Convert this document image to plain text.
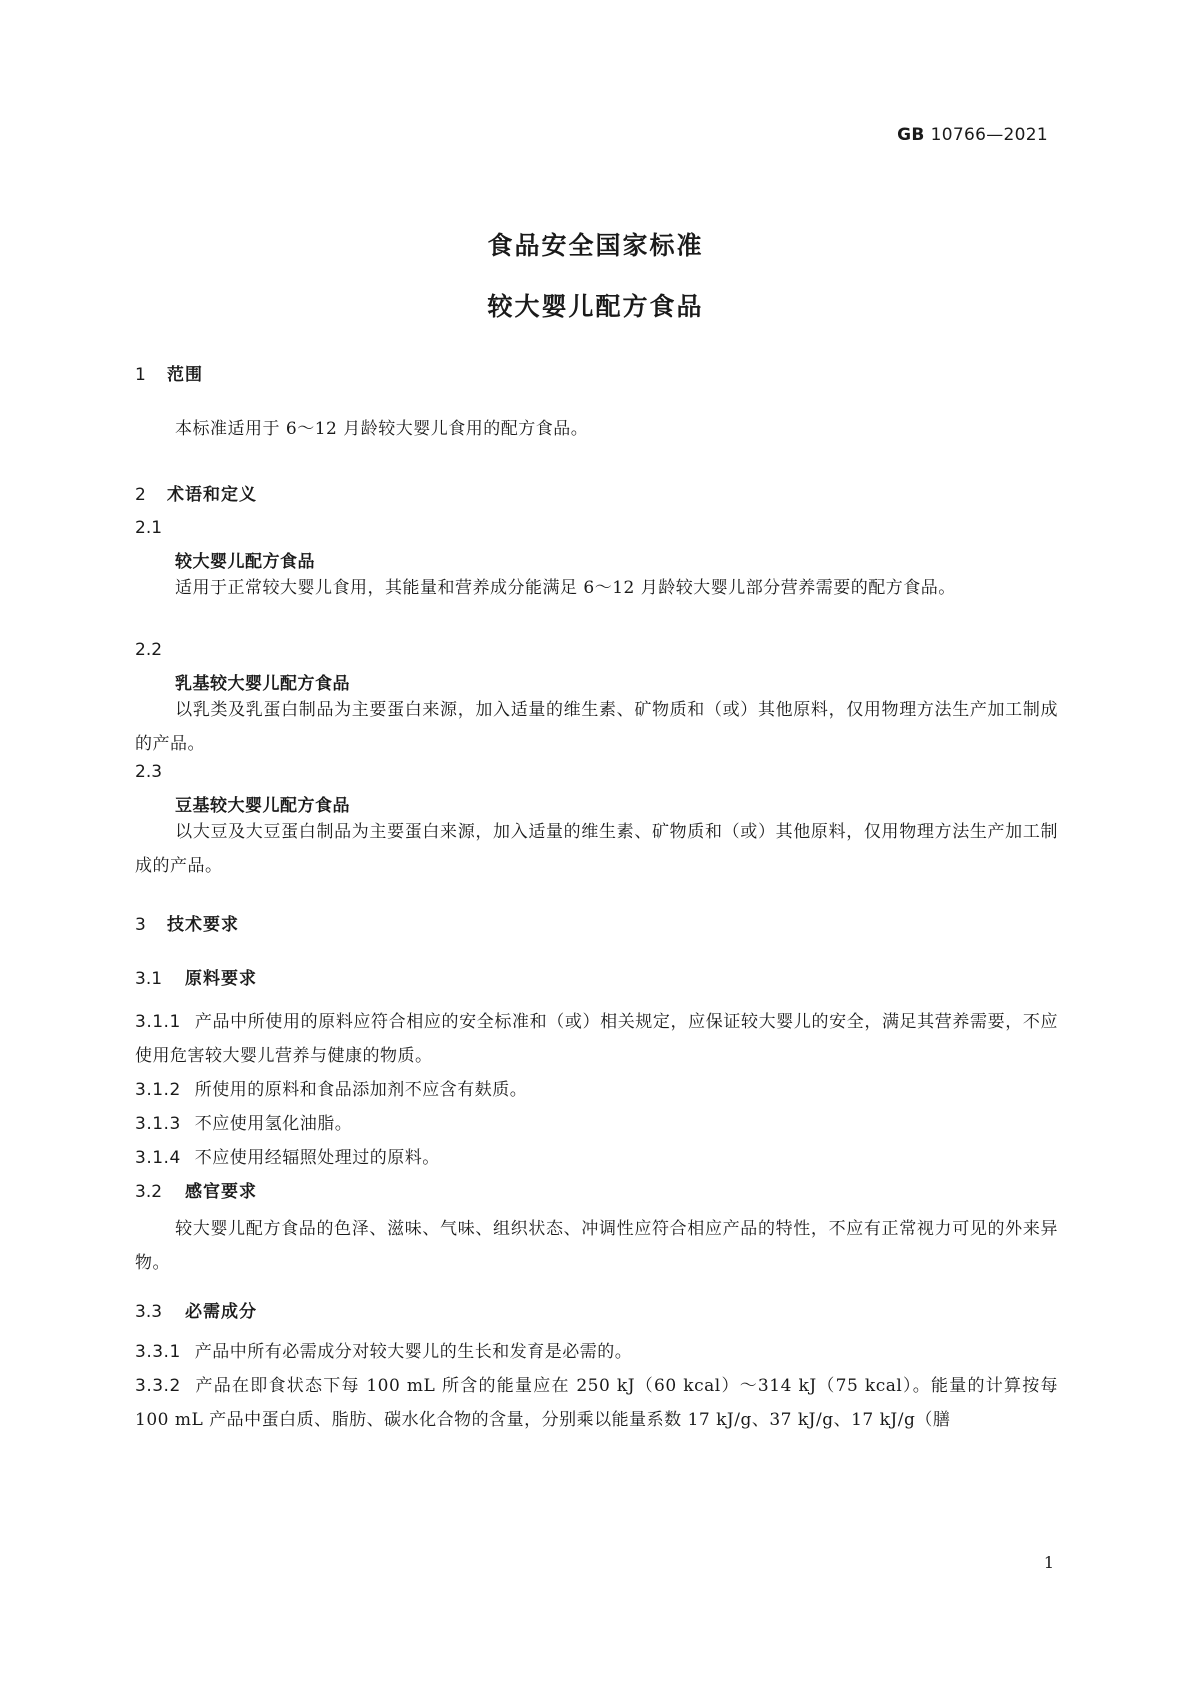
GB 10766—2021
食品安全国家标准
较大婴儿配方食品
1 范围
本标准适用于 6～12 月龄较大婴儿食用的配方食品。
2 术语和定义
2.1
较大婴儿配方食品
适用于正常较大婴儿食用，其能量和营养成分能满足 6～12 月龄较大婴儿部分营养需要的配方食品。
2.2
乳基较大婴儿配方食品
以乳类及乳蛋白制品为主要蛋白来源，加入适量的维生素、矿物质和（或）其他原料，仅用物理方法生产加工制成的产品。
2.3
豆基较大婴儿配方食品
以大豆及大豆蛋白制品为主要蛋白来源，加入适量的维生素、矿物质和（或）其他原料，仅用物理方法生产加工制成的产品。
3 技术要求
3.1 原料要求
3.1.1 产品中所使用的原料应符合相应的安全标准和（或）相关规定，应保证较大婴儿的安全，满足其营养需要，不应使用危害较大婴儿营养与健康的物质。
3.1.2 所使用的原料和食品添加剂不应含有麸质。
3.1.3 不应使用氢化油脂。
3.1.4 不应使用经辐照处理过的原料。
3.2 感官要求
较大婴儿配方食品的色泽、滋味、气味、组织状态、冲调性应符合相应产品的特性，不应有正常视力可见的外来异物。
3.3 必需成分
3.3.1 产品中所有必需成分对较大婴儿的生长和发育是必需的。
3.3.2 产品在即食状态下每 100 mL 所含的能量应在 250 kJ（60 kcal）～314 kJ（75 kcal）。能量的计算按每 100 mL 产品中蛋白质、脂肪、碳水化合物的含量，分别乘以能量系数 17 kJ/g、37 kJ/g、17 kJ/g（膳
1
